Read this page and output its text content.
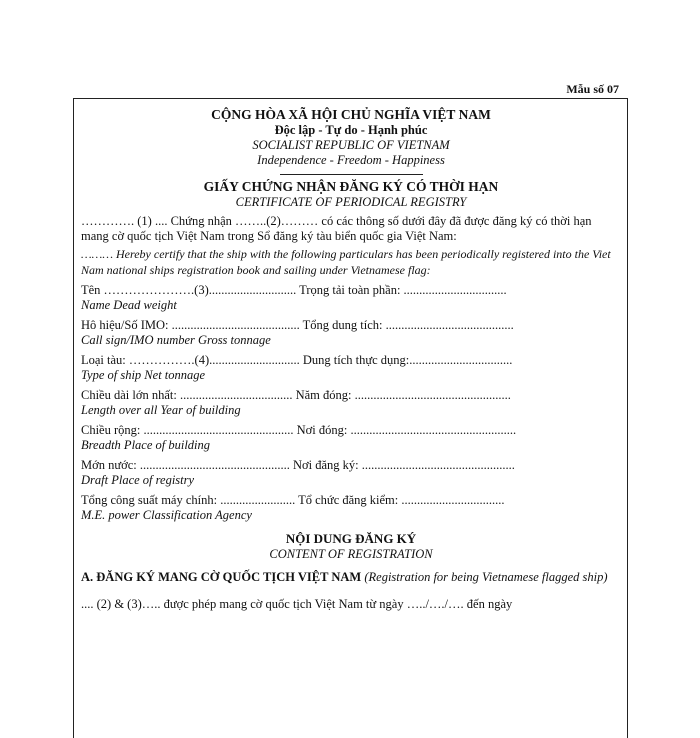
Mẫu số 07
CỘNG HÒA XÃ HỘI CHỦ NGHĨA VIỆT NAM
Độc lập - Tự do - Hạnh phúc
SOCIALIST REPUBLIC OF VIETNAM
Independence - Freedom - Happiness
GIẤY CHỨNG NHẬN ĐĂNG KÝ CÓ THỜI HẠN
CERTIFICATE OF PERIODICAL REGISTRY
…………. (1) .... Chứng nhận ……..(2)……… có các thông số dưới đây đã được đăng ký có thời hạn mang cờ quốc tịch Việt Nam trong Sổ đăng ký tàu biển quốc gia Việt Nam:
……… Hereby certify that the ship with the following particulars has been periodically registered into the Viet Nam national ships registration book and sailing under Vietnamese flag:
Tên ………………….(3)............................ Trọng tải toàn phần: .................................
Name Dead weight
Hô hiệu/Số IMO: ......................................... Tổng dung tích: .........................................
Call sign/IMO number Gross tonnage
Loại tàu: …………….(4)............................. Dung tích thực dụng:.................................
Type of ship Net tonnage
Chiều dài lớn nhất: .................................... Năm đóng: ..................................................
Length over all Year of building
Chiều rộng: ................................................ Nơi đóng: .....................................................
Breadth Place of building
Mớn nước: ................................................ Nơi đăng ký: .................................................
Draft Place of registry
Tổng công suất máy chính: ........................ Tổ chức đăng kiểm: .................................
M.E. power Classification Agency
NỘI DUNG ĐĂNG KÝ
CONTENT OF REGISTRATION
A. ĐĂNG KÝ MANG CỜ QUỐC TỊCH VIỆT NAM (Registration for being Vietnamese flagged ship)
.... (2) & (3)….. được phép mang cờ quốc tịch Việt Nam từ ngày …../…./…. đến ngày
